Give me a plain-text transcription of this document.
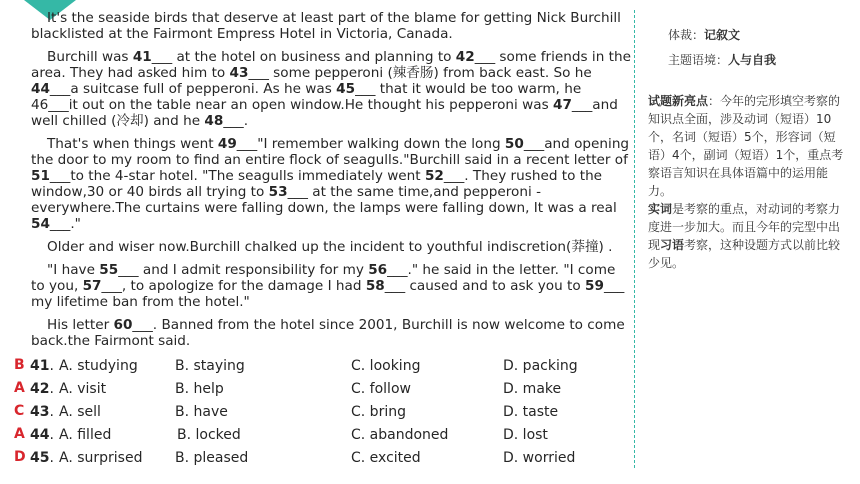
It's the seaside birds that deserve at least part of the blame for getting Nick Burchill blacklisted at the Fairmont Empress Hotel in Victoria, Canada.

Burchill was 41___ at the hotel on business and planning to 42___ some friends in the area. They had asked him to 43___ some pepperoni (辣香肠) from back east. So he 44___a suitcase full of pepperoni. As he was 45___ that it would be too warm, he 46___it out on the table near an open window.He thought his pepperoni was 47___and well chilled (冷却) and he 48___.

That's when things went 49___"I remember walking down the long 50___and opening the door to my room to find an entire flock of seagulls."Burchill said in a recent letter of 51___to the 4-star hotel. "The seagulls immediately went 52___. They rushed to the window,30 or 40 birds all trying to 53___ at the same time,and pepperoni - everywhere.The curtains were falling down, the lamps were falling down, It was a real 54___."

Older and wiser now.Burchill chalked up the incident to youthful indiscretion(莽撞) .

"I have 55___ and I admit responsibility for my 56___." he said in the letter. "I come to you, 57___, to apologize for the damage I had 58___ caused and to ask you to 59___ my lifetime ban from the hotel."

His letter 60___. Banned from the hotel since 2001, Burchill is now welcome to come back.the Fairmont said.

B 41. A. studying	B. staying	C. looking	D. packing
A 42. A. visit	B. help	C. follow	D. make
C 43. A. sell	B. have	C. bring	D. taste
A 44. A. filled	B. locked	C. abandoned	D. lost
D 45. A. surprised B. pleased	C. excited	D. worried
体裁：记叙文
主题语境：人与自我
试题新亮点：今年的完形填空考察的知识点全面，涉及动词（短语）10个，名词（短语）5个，形容词（短语）4个，副词（短语）1个，重点考察语言知识在具体语篇中的运用能力。
实词是考察的重点，对动词的考察力度进一步加大。而且今年的完型中出现习语考察，这种设题方式以前比较少见。
